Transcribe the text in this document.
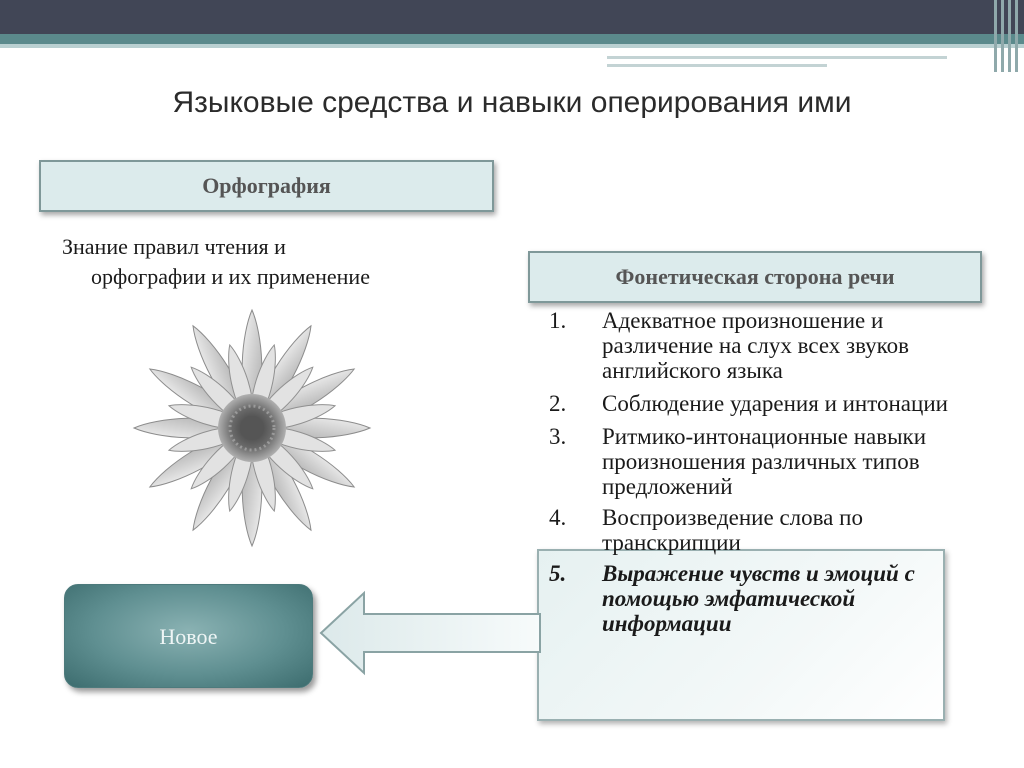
Языковые средства и навыки оперирования ими
Орфография
Знание правил чтения и
орфографии и их применение	Фонетическая сторона речи
1.	Адекватное произношение и различение на слух всех звуков английского языка
2.	Соблюдение ударения и интонации
3.	Ритмико-интонационные навыки произношения различных типов предложений
4.	Воспроизведение слова по транскрипции
5.	Выражение чувств и эмоций с помощью эмфатической информации
Новое
